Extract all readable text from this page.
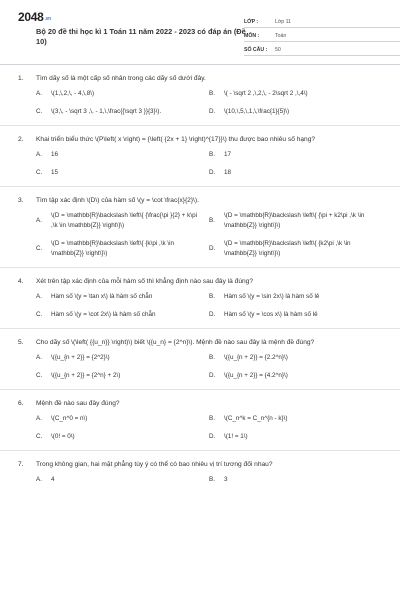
2048.vn
Bộ 20 đề thi học kì 1 Toán 11 năm 2022 - 2023 có đáp án (Đề 10)
LỚP :	Lớp 11
MÔN :	Toán
SỐ CÂU :	50
1.	Tìm dãy số là một cấp số nhân trong các dãy số dưới đây.
A.	\(1,\,2,\, - 4,\,8\)	B.	\( - \sqrt 2 ,\,2,\, - 2\sqrt 2 ,\,4\)
C.	\(3,\, - \sqrt 3 ,\, - 1,\,\frac{{\sqrt 3 }}{3}\).	D.	\(10,\,5,\,1,\,\frac{1}{5}\)
2.	Khai triển biểu thức \(P\left( x \right) = {\left( {2x + 1} \right)^{17}}\) thu được bao nhiêu số hạng?
A.	16	B.	17
C.	15	D.	18
3.	Tìm tập xác định \(D\) của hàm số \(y = \cot \frac{x}{2}\).
A.
\(D = \mathbb{R}\backslash \left\{ {\frac{\pi }{2} + k\pi ,\k \in \mathbb{Z}} \right\}\)
B.
\(D = \mathbb{R}\backslash \left\{ {\pi + k2\pi ,\k \in \mathbb{Z}} \right\}\)
C.
\(D = \mathbb{R}\backslash \left\{ {k\pi ,\k \in \mathbb{Z}} \right\}\)
D.
\(D = \mathbb{R}\backslash \left\{ {k2\pi ,\k \in \mathbb{Z}} \right\}\)
4.	Xét trên tập xác định của mỗi hàm số thì khẳng định nào sau đây là đúng?
A.	Hàm số \(y = \tan x\) là hàm số chẵn	B.	Hàm số \(y = \sin 2x\) là hàm số lẻ
C.	Hàm số \(y = \cot 2x\) là hàm số chẵn	D.	Hàm số \(y = \cos x\) là hàm số lẻ
5.	Cho dãy số \(\left( {{u_n}} \right)\) biết \({u_n} = {2^n}\). Mệnh đề nào sau đây là mệnh đề đúng?
A.	\({u_{n + 2}} = {2^2}\)	B.	\({u_{n + 2}} = {2.2^n}\)
C.	\({u_{n + 2}} = {2^n} + 2\)	D.	\({u_{n + 2}} = {4.2^n}\)
6.	Mệnh đề nào sau đây đúng?
A.	\(C_n^0 = n\)	B.	\(C_n^k = C_n^{n - k}\)
C.	\(0! = 0\)	D.	\(1! = 1\)
7.	Trong không gian, hai mặt phẳng tùy ý có thể có bao nhiêu vị trí tương đối nhau?
A.	4	B.	3
